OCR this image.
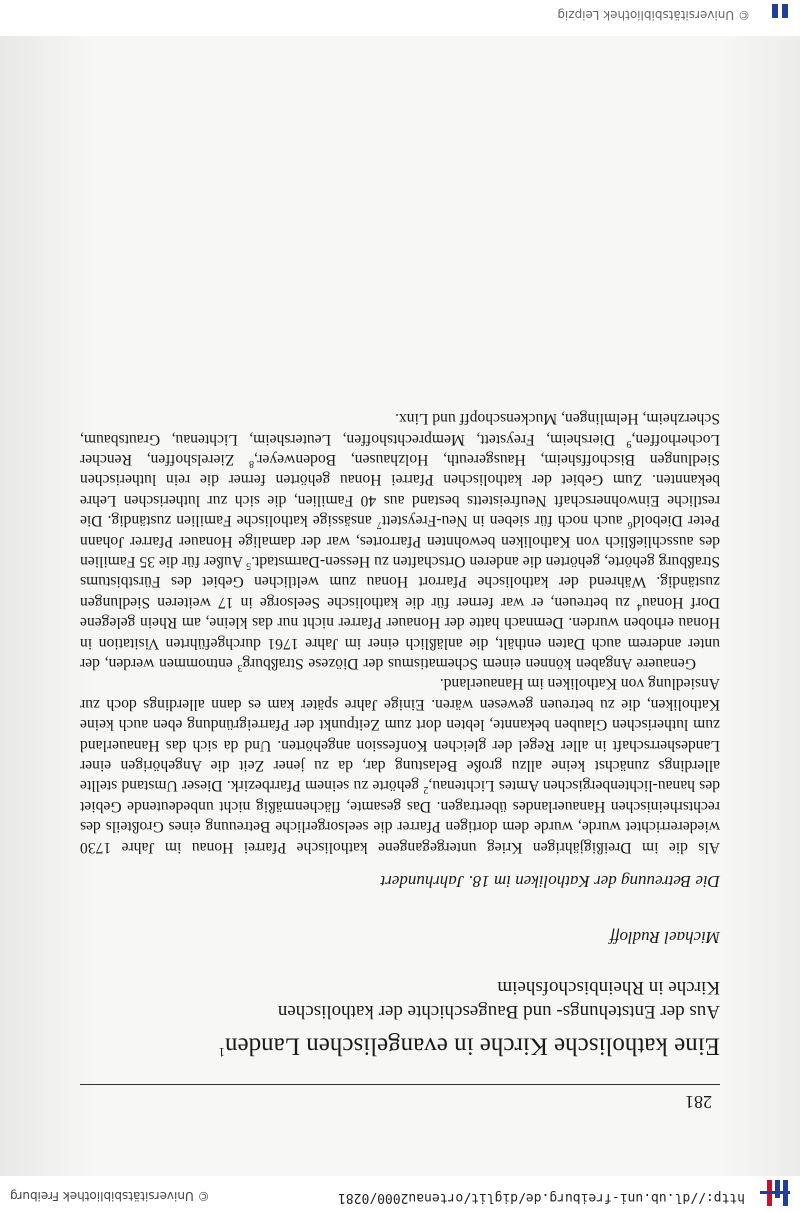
http://dl.ub.uni-freiburg.de/diglit/ortenau2000/0281
© Universitätsbibliothek Freiburg
281
Eine katholische Kirche in evangelischen Landen$^1$
Aus der Entstehungs- und Baugeschichte der katholischen
Kirche in Rheinbischofsheim
Michael Rudloff
Die Betreuung der Katholiken im 18. Jahrhundert

Als die im Dreißigjährigen Krieg untergegangene katholische Pfarrei Honau im Jahre 1730 wiedererrichtet wurde, wurde dem dortigen Pfarrer die seelsorgerliche Betreuung eines Großteils des rechtsrheinischen Hanauerlandes übertragen. Das gesamte, flächenmäßig nicht unbedeutende Gebiet des hanau-lichtenbergischen Amtes Lichtenau,$^2$ gehörte zu seinem Pfarrbezirk. Dieser Umstand stellte allerdings zunächst keine allzu große Belastung dar, da zu jener Zeit die Angehörigen einer Landesherrschaft in aller Regel der gleichen Konfession angehörten. Und da sich das Hanauerland zum lutherischen Glauben bekannte, lebten dort zum Zeitpunkt der Pfarreigründung eben auch keine Katholiken, die zu betreuen gewesen wären. Einige Jahre später kam es dann allerdings doch zur Ansiedlung von Katholiken im Hanauerland.

Genauere Angaben können einem Schematismus der Diözese Straßburg$^3$ entnommen werden, der unter anderem auch Daten enthält, die anläßlich einer im Jahre 1761 durchgeführten Visitation in Honau erhoben wurden. Demnach hatte der Honauer Pfarrer nicht nur das kleine, am Rhein gelegene Dorf Honau$^4$ zu betreuen, er war ferner für die katholische Seelsorge in 17 weiteren Siedlungen zuständig. Während der katholische Pfarrort Honau zum weltlichen Gebiet des Fürstbistums Straßburg gehörte, gehörten die anderen Ortschaften zu Hessen-Darmstadt.$^5$ Außer für die 35 Familien des ausschließlich von Katholiken bewohnten Pfarrortes, war der damalige Honauer Pfarrer Johann Peter Diebold$^6$ auch noch für sieben in Neu-Freystett$^7$ ansässige katholische Familien zuständig. Die restliche Einwohnerschaft Neufreistetts bestand aus 40 Familien, die sich zur lutherischen Lehre bekannten. Zum Gebiet der katholischen Pfarrei Honau gehörten ferner die rein lutherischen Siedlungen Bischoffsheim, Hausgereuth, Holzhausen, Bodenweyer,$^8$ Zierelshoffen, Rencher Locherhoffen,$^9$ Diersheim, Freystett, Memprechtshoffen, Leutersheim, Lichtenau, Grautsbaum, Scherzheim, Helmlingen, Muckenschopff und Linx.

© Universitätsbibliothek Leipzig
